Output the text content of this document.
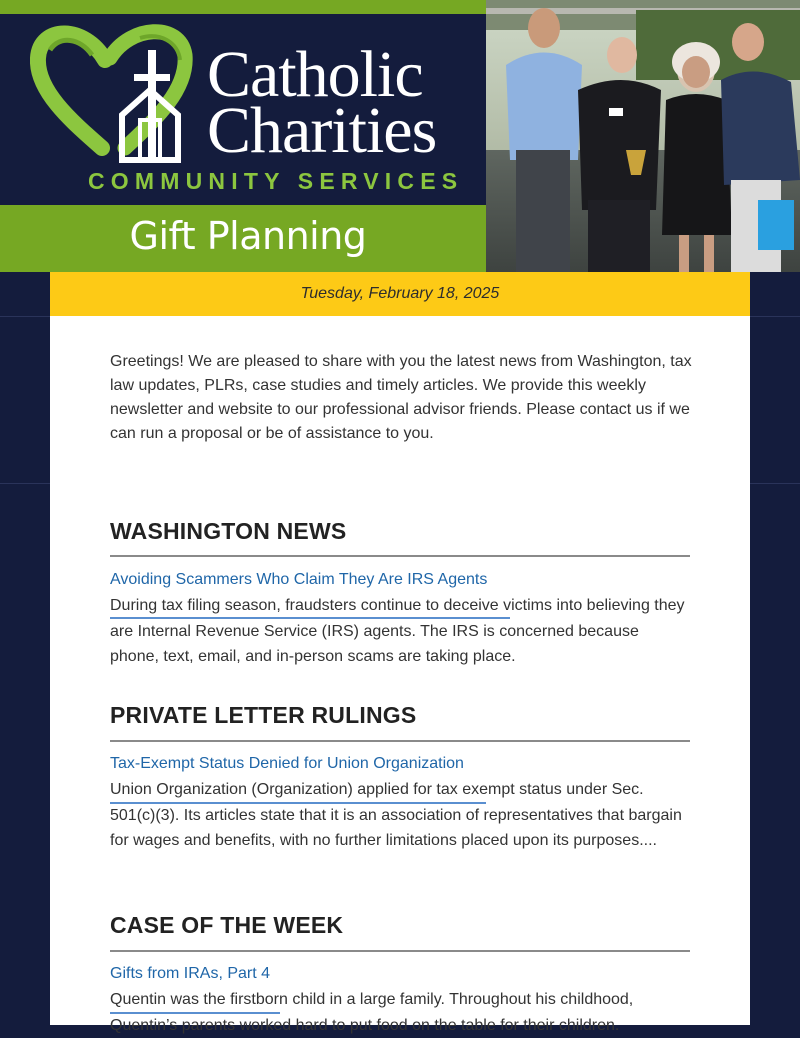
Catholic
Charities
COMMUNITY SERVICES
Gift Planning
Tuesday, February 18, 2025
Greetings! We are pleased to share with you the latest news from Washington, tax law updates, PLRs, case studies and timely articles. We provide this weekly newsletter and website to our professional advisor friends. Please contact us if we can run a proposal or be of assistance to you.
WASHINGTON NEWS
Avoiding Scammers Who Claim They Are IRS Agents
During tax filing season, fraudsters continue to deceive victims into believing they are Internal Revenue Service (IRS) agents. The IRS is concerned because phone, text, email, and in-person scams are taking place.
PRIVATE LETTER RULINGS
Tax-Exempt Status Denied for Union Organization
Union Organization (Organization) applied for tax exempt status under Sec. 501(c)(3). Its articles state that it is an association of representatives that bargain for wages and benefits, with no further limitations placed upon its purposes....
CASE OF THE WEEK
Gifts from IRAs, Part 4
Quentin was the firstborn child in a large family. Throughout his childhood, Quentin’s parents worked hard to put food on the table for their children.
